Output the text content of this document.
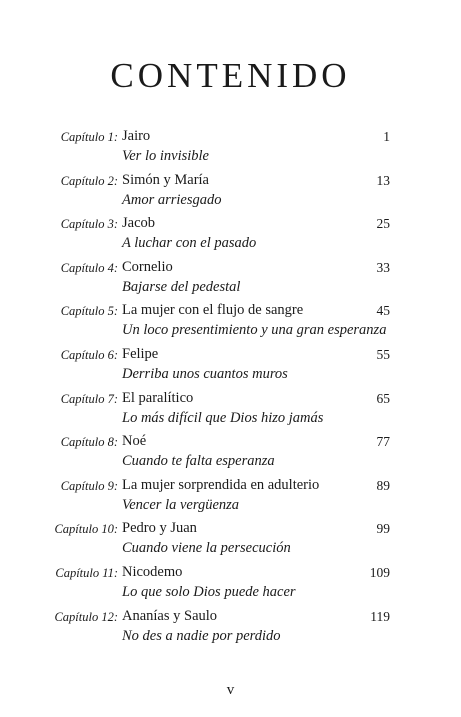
CONTENIDO
Capítulo 1: Jairo
Ver lo invisible
1
Capítulo 2: Simón y María
Amor arriesgado
13
Capítulo 3: Jacob
A luchar con el pasado
25
Capítulo 4: Cornelio
Bajarse del pedestal
33
Capítulo 5: La mujer con el flujo de sangre
Un loco presentimiento y una gran esperanza
45
Capítulo 6: Felipe
Derriba unos cuantos muros
55
Capítulo 7: El paralítico
Lo más difícil que Dios hizo jamás
65
Capítulo 8: Noé
Cuando te falta esperanza
77
Capítulo 9: La mujer sorprendida en adulterio
Vencer la vergüenza
89
Capítulo 10: Pedro y Juan
Cuando viene la persecución
99
Capítulo 11: Nicodemo
Lo que solo Dios puede hacer
109
Capítulo 12: Ananías y Saulo
No des a nadie por perdido
119
v
